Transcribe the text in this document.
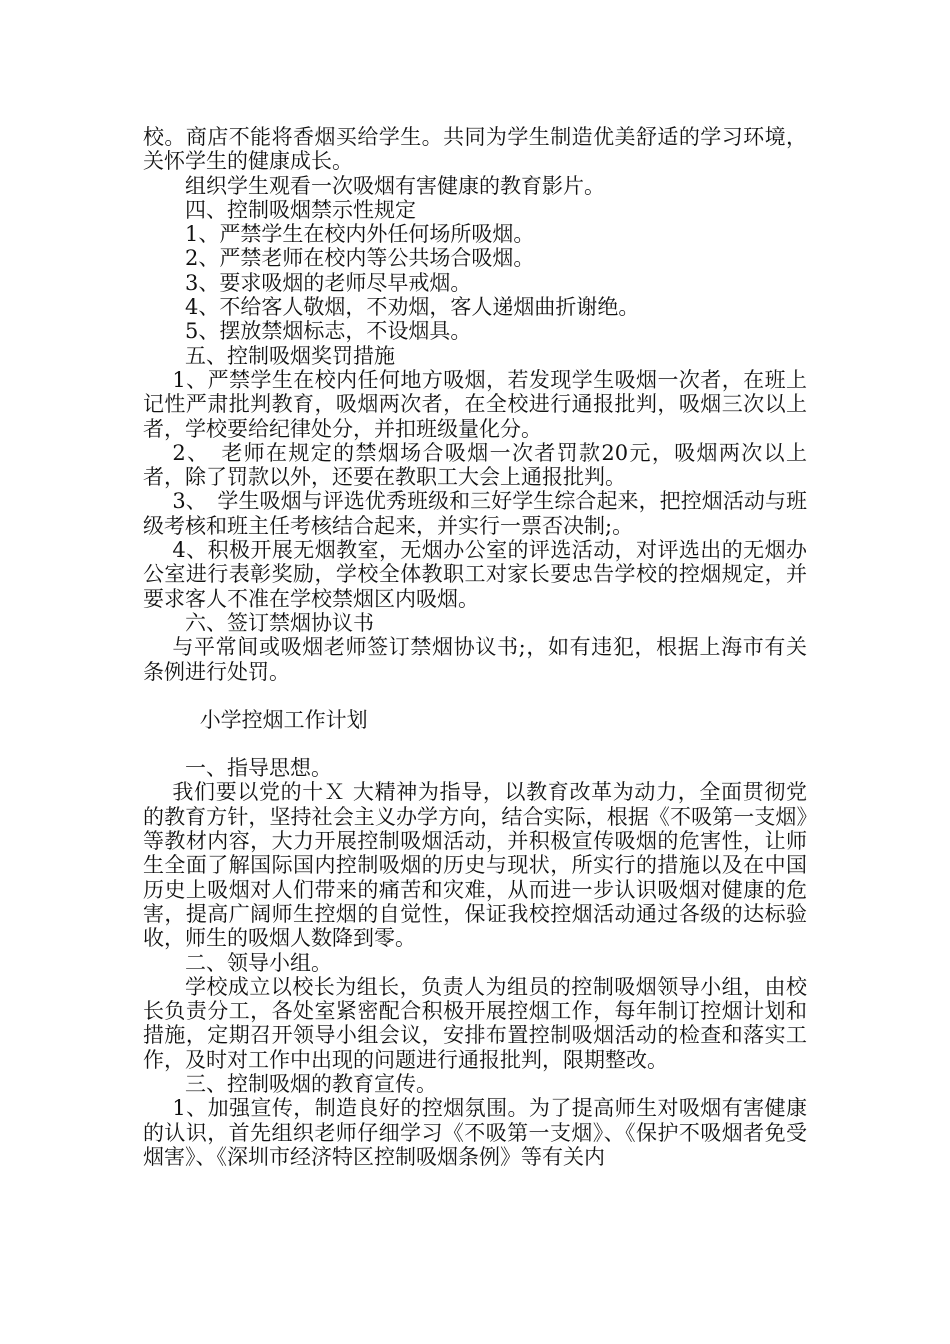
校。商店不能将香烟买给学生。共同为学生制造优美舒适的学习环境，关怀学生的健康成长。

组织学生观看一次吸烟有害健康的教育影片。

四、控制吸烟禁示性规定

1、严禁学生在校内外任何场所吸烟。

2、严禁老师在校内等公共场合吸烟。

3、要求吸烟的老师尽早戒烟。

4、不给客人敬烟，不劝烟，客人递烟曲折谢绝。

5、摆放禁烟标志，不设烟具。

五、控制吸烟奖罚措施

1、严禁学生在校内任何地方吸烟，若发现学生吸烟一次者，在班上记性严肃批判教育，吸烟两次者，在全校进行通报批判，吸烟三次以上者，学校要给纪律处分，并扣班级量化分。

2、　老师在规定的禁烟场合吸烟一次者罚款20元，吸烟两次以上者，除了罚款以外，还要在教职工大会上通报批判。

3、　学生吸烟与评选优秀班级和三好学生综合起来，把控烟活动与班级考核和班主任考核结合起来，并实行一票否决制;。

4、积极开展无烟教室，无烟办公室的评选活动，对评选出的无烟办公室进行表彰奖励，学校全体教职工对家长要忠告学校的控烟规定，并要求客人不准在学校禁烟区内吸烟。

六、签订禁烟协议书

与平常间或吸烟老师签订禁烟协议书;，如有违犯，根据上海市有关条例进行处罚。

小学控烟工作计划

一、指导思想。

我们要以党的十Ｘ 大精神为指导，以教育改革为动力，全面贯彻党的教育方针，坚持社会主义办学方向，结合实际，根据《不吸第一支烟》等教材内容，大力开展控制吸烟活动，并积极宣传吸烟的危害性，让师生全面了解国际国内控制吸烟的历史与现状，所实行的措施以及在中国历史上吸烟对人们带来的痛苦和灾难，从而进一步认识吸烟对健康的危害，提高广阔师生控烟的自觉性，保证我校控烟活动通过各级的达标验收，师生的吸烟人数降到零。

二、领导小组。

学校成立以校长为组长，负责人为组员的控制吸烟领导小组，由校长负责分工，各处室紧密配合积极开展控烟工作，每年制订控烟计划和措施，定期召开领导小组会议，安排布置控制吸烟活动的检查和落实工作，及时对工作中出现的问题进行通报批判，限期整改。

三、控制吸烟的教育宣传。

1、加强宣传，制造良好的控烟氛围。为了提高师生对吸烟有害健康的认识，首先组织老师仔细学习《不吸第一支烟》、《保护不吸烟者免受烟害》、《深圳市经济特区控制吸烟条例》等有关内
